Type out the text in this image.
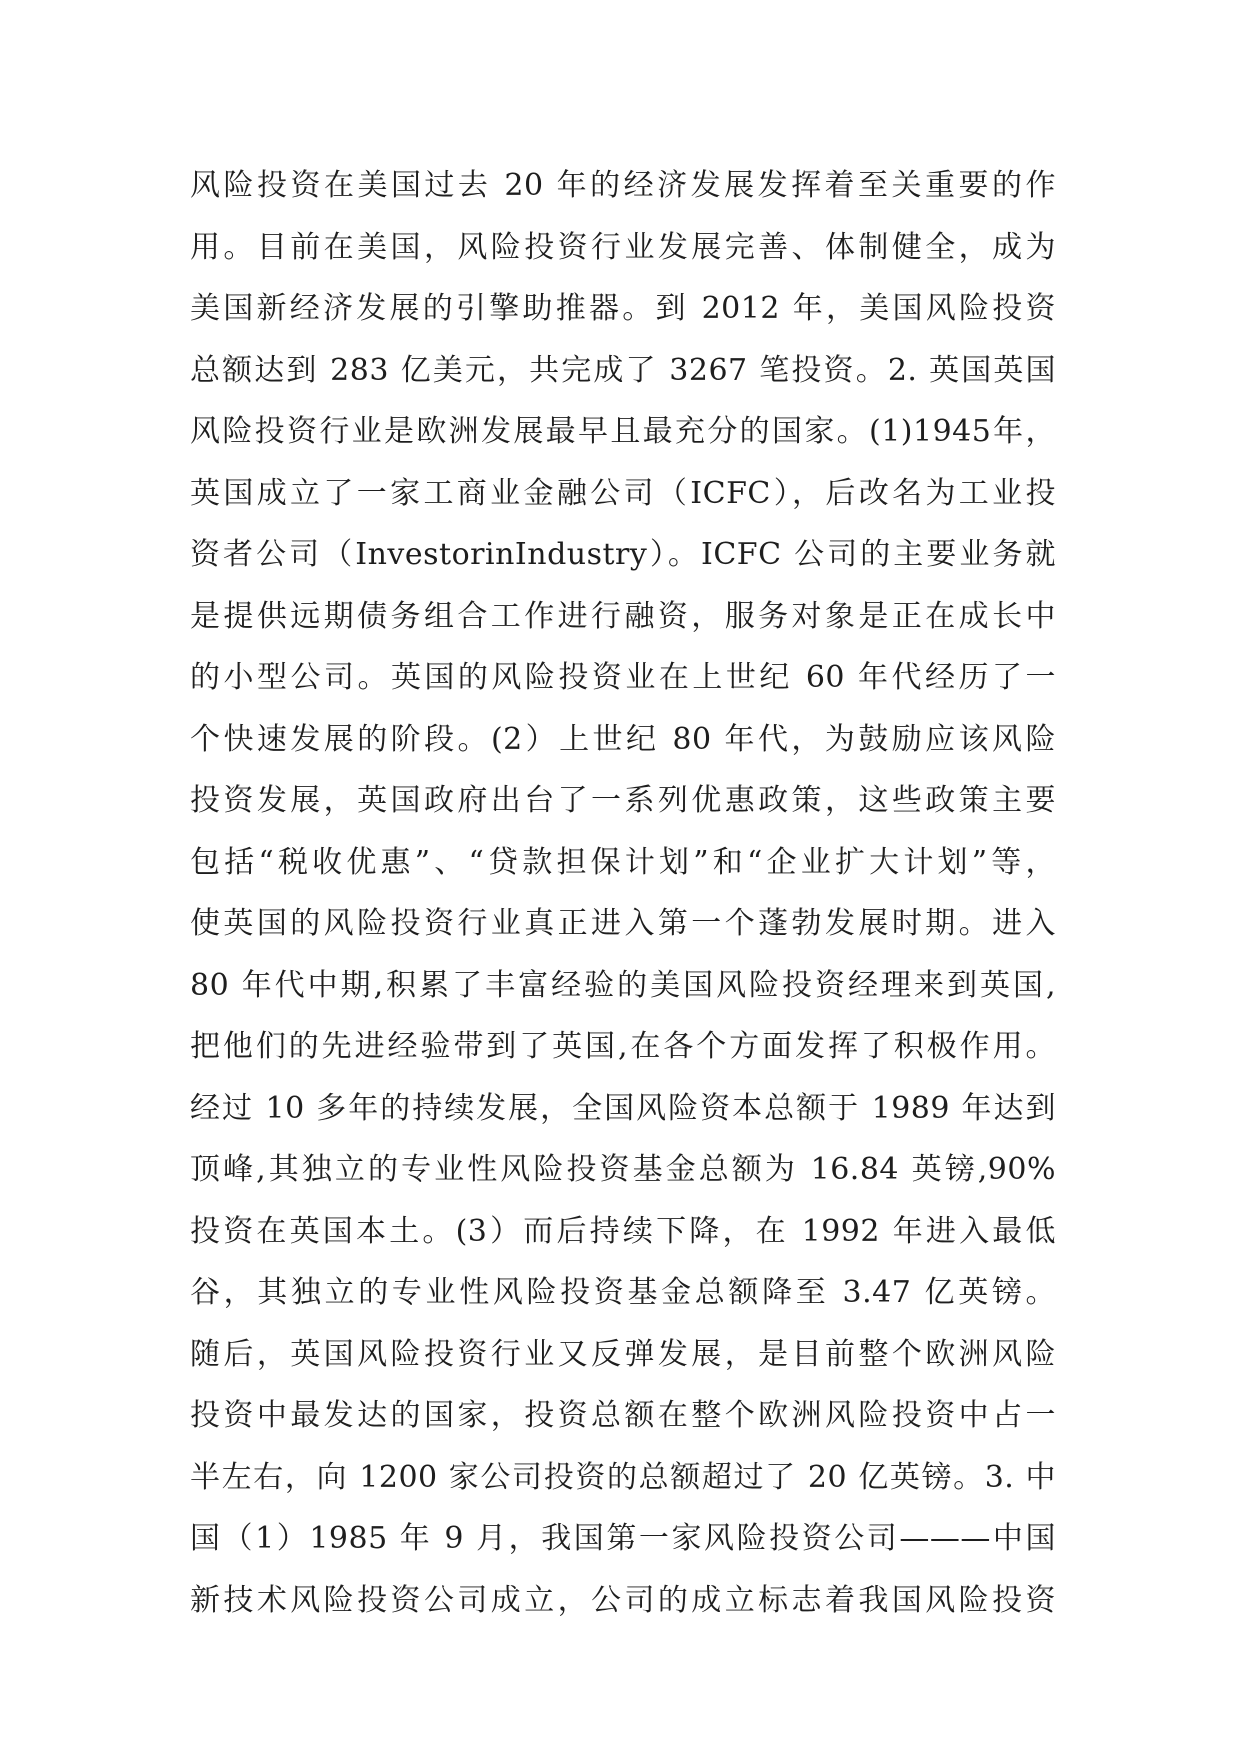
风险投资在美国过去 20 年的经济发展发挥着至关重要的作
用。目前在美国，风险投资行业发展完善、体制健全，成为
美国新经济发展的引擎助推器。到 2012 年，美国风险投资
总额达到 283 亿美元，共完成了 3267 笔投资。2. 英国英国
风险投资行业是欧洲发展最早且最充分的国家。(1)1945年，
英国成立了一家工商业金融公司（ICFC），后改名为工业投
资者公司（InvestorinIndustry）。ICFC 公司的主要业务就
是提供远期债务组合工作进行融资，服务对象是正在成长中
的小型公司。英国的风险投资业在上世纪 60 年代经历了一
个快速发展的阶段。(2）上世纪 80 年代，为鼓励应该风险
投资发展，英国政府出台了一系列优惠政策，这些政策主要
包括“税收优惠”、“贷款担保计划”和“企业扩大计划”等，
使英国的风险投资行业真正进入第一个蓬勃发展时期。进入
80 年代中期,积累了丰富经验的美国风险投资经理来到英国,
把他们的先进经验带到了英国,在各个方面发挥了积极作用。
经过 10 多年的持续发展，全国风险资本总额于 1989 年达到
顶峰,其独立的专业性风险投资基金总额为 16.84 英镑,90%
投资在英国本土。(3）而后持续下降，在 1992 年进入最低
谷，其独立的专业性风险投资基金总额降至 3.47 亿英镑。
随后，英国风险投资行业又反弹发展，是目前整个欧洲风险
投资中最发达的国家，投资总额在整个欧洲风险投资中占一
半左右，向 1200 家公司投资的总额超过了 20 亿英镑。3. 中
国（1）1985 年 9 月，我国第一家风险投资公司———中国
新技术风险投资公司成立，公司的成立标志着我国风险投资
